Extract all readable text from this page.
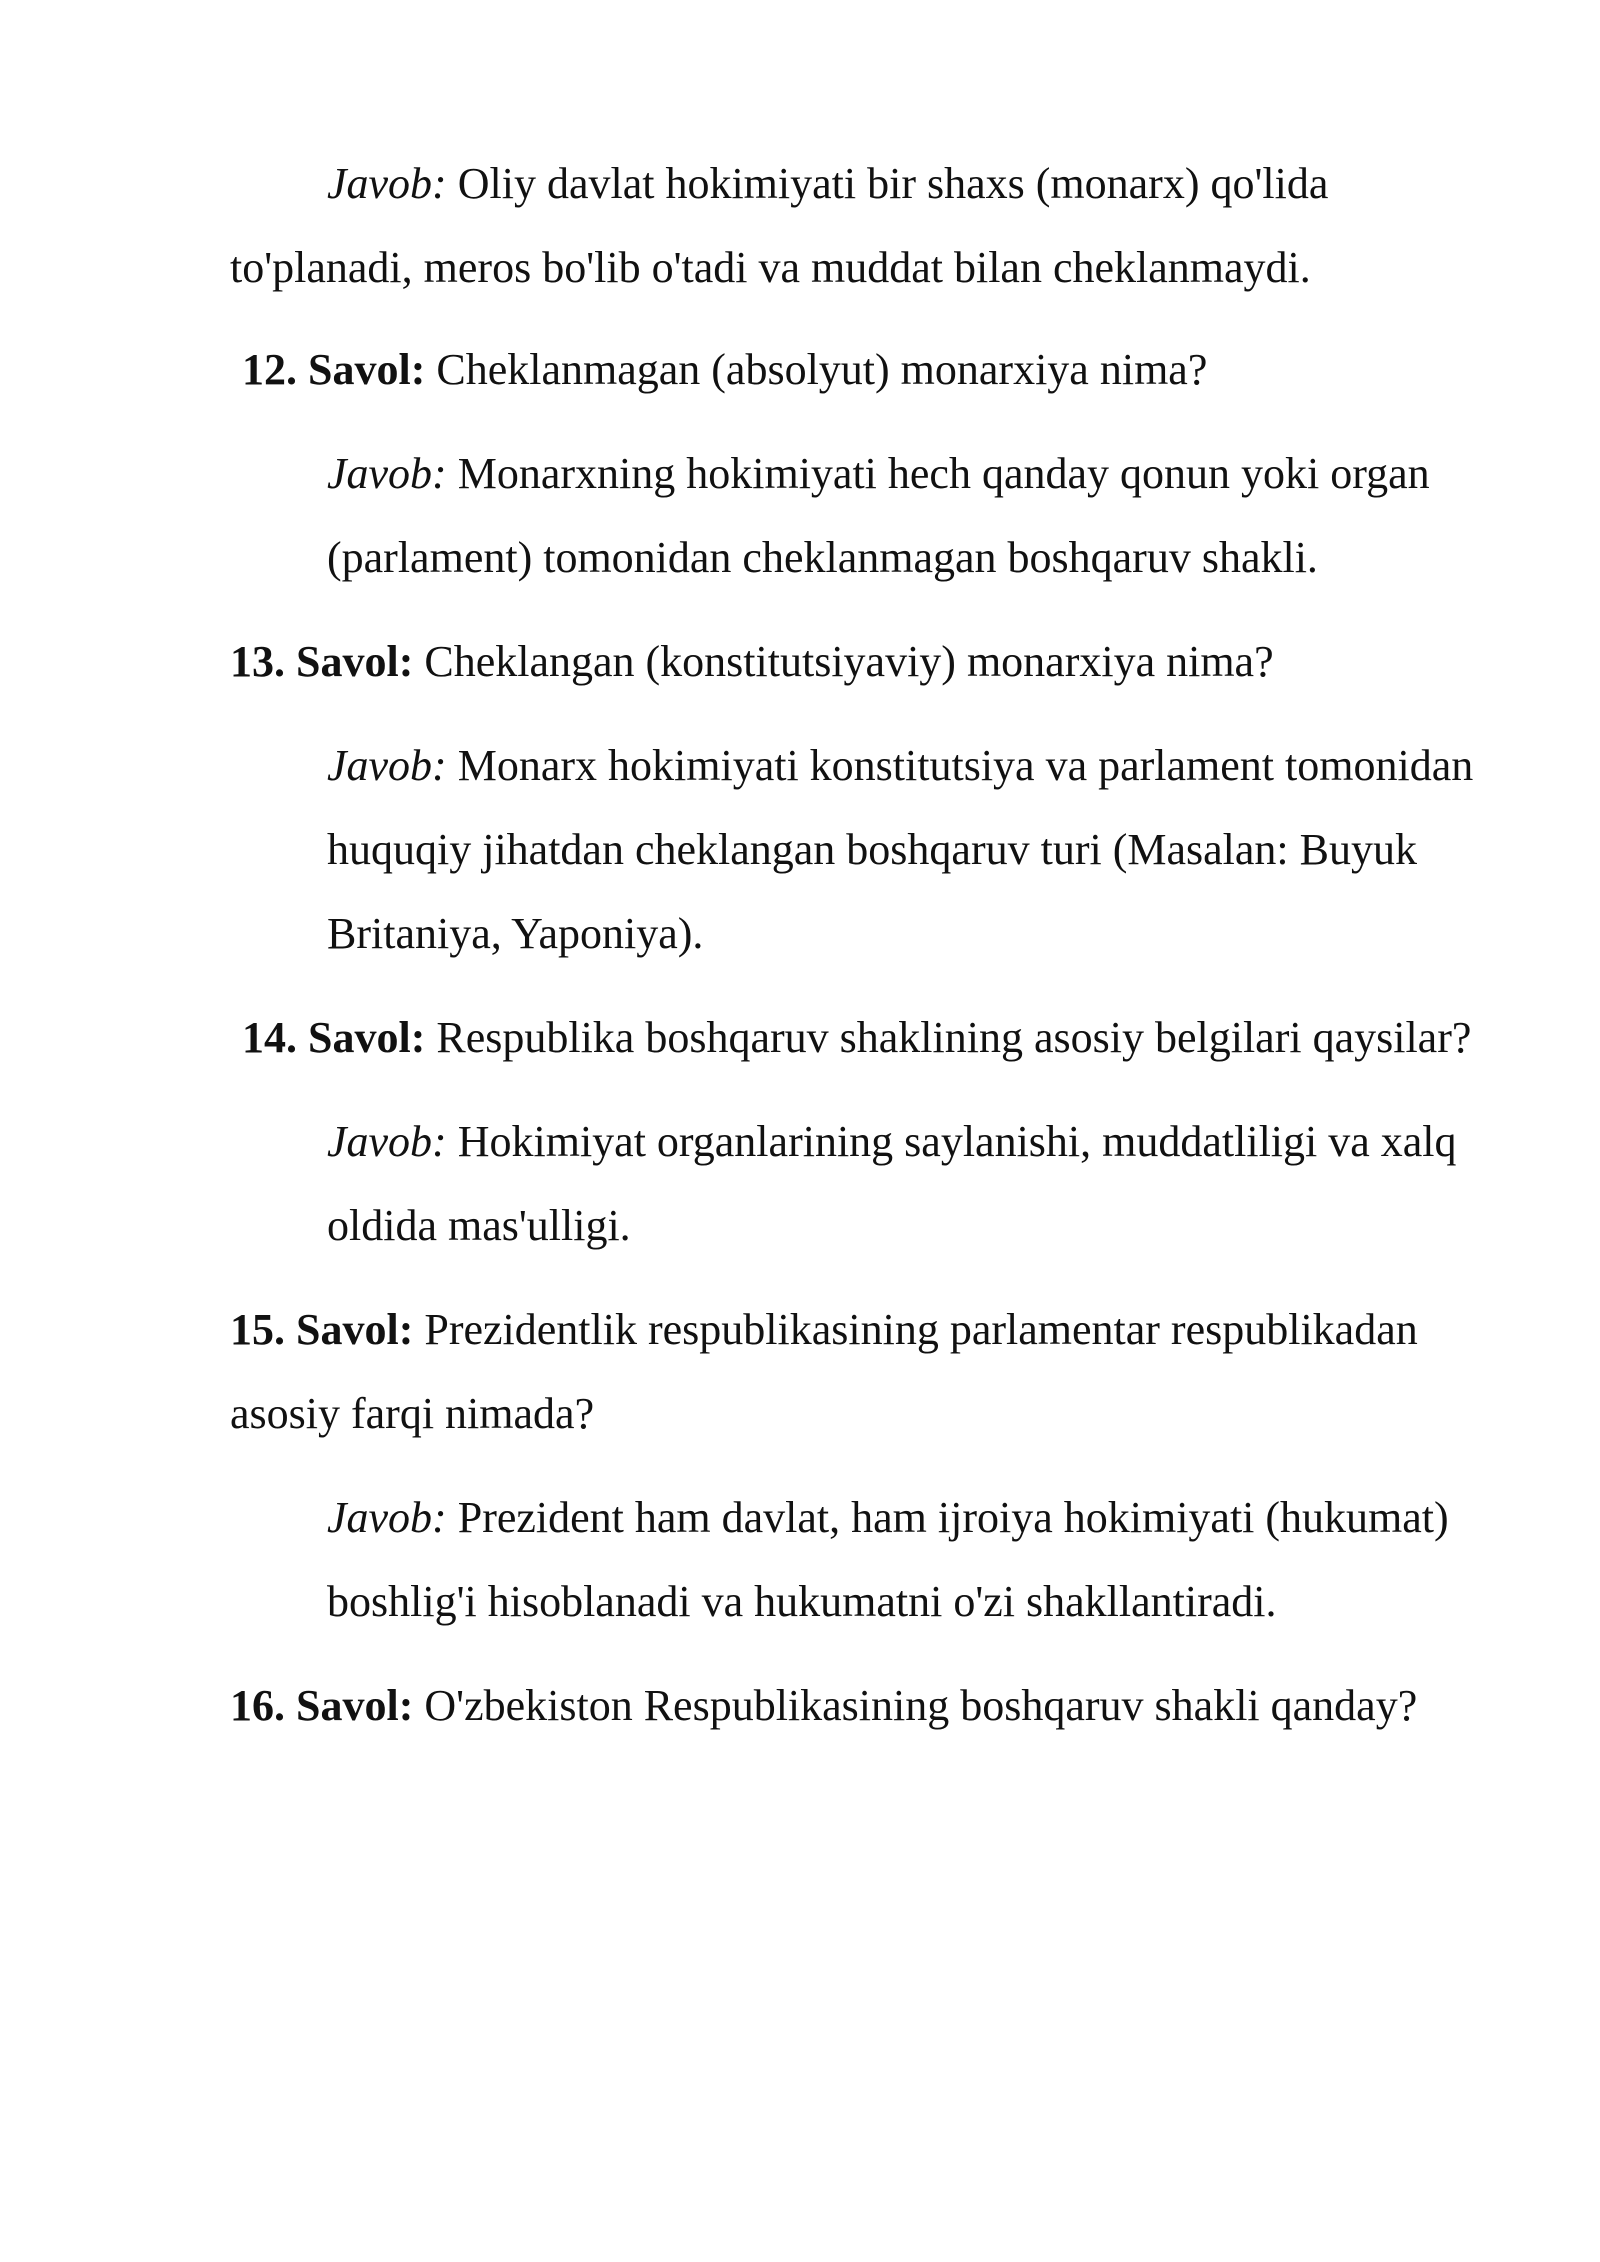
Javob: Oliy davlat hokimiyati bir shaxs (monarx) qo'lida to'planadi, meros bo'lib o'tadi va muddat bilan cheklanmaydi.

12. Savol: Cheklanmagan (absolyut) monarxiya nima?

Javob: Monarxning hokimiyati hech qanday qonun yoki organ (parlament) tomonidan cheklanmagan boshqaruv shakli.

13. Savol: Cheklangan (konstitutsiyaviy) monarxiya nima?

Javob: Monarx hokimiyati konstitutsiya va parlament tomonidan huquqiy jihatdan cheklangan boshqaruv turi (Masalan: Buyuk Britaniya, Yaponiya).

14. Savol: Respublika boshqaruv shaklining asosiy belgilari qaysilar?

Javob: Hokimiyat organlarining saylanishi, muddatliligi va xalq oldida mas'ulligi.

15. Savol: Prezidentlik respublikasining parlamentar respublikadan asosiy farqi nimada?

Javob: Prezident ham davlat, ham ijroiya hokimiyati (hukumat) boshlig'i hisoblanadi va hukumatni o'zi shakllantiradi.

16. Savol: O'zbekiston Respublikasining boshqaruv shakli qanday?
